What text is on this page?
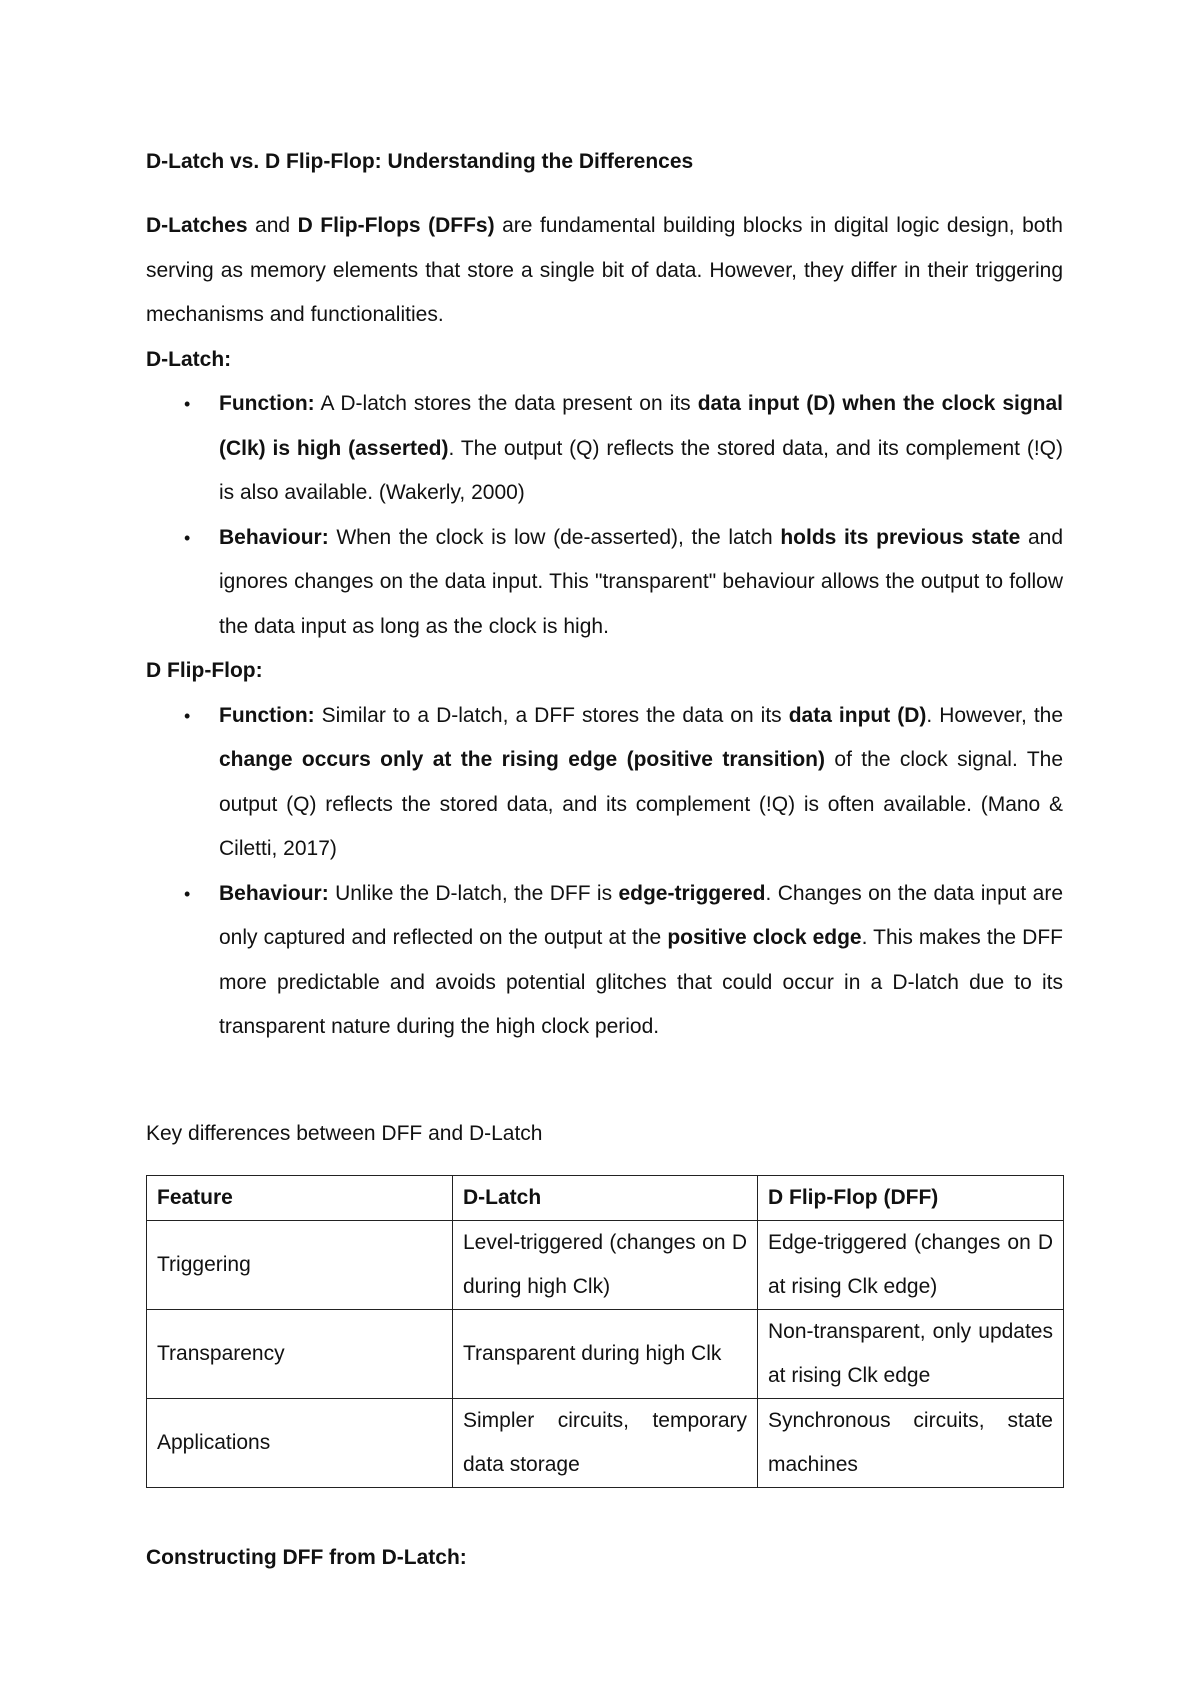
D-Latch vs. D Flip-Flop: Understanding the Differences

D-Latches and D Flip-Flops (DFFs) are fundamental building blocks in digital logic design, both serving as memory elements that store a single bit of data. However, they differ in their triggering mechanisms and functionalities.

D-Latch:

• Function: A D-latch stores the data present on its data input (D) when the clock signal (Clk) is high (asserted). The output (Q) reflects the stored data, and its complement (!Q) is also available. (Wakerly, 2000)
• Behaviour: When the clock is low (de-asserted), the latch holds its previous state and ignores changes on the data input. This "transparent" behaviour allows the output to follow the data input as long as the clock is high.

D Flip-Flop:

• Function: Similar to a D-latch, a DFF stores the data on its data input (D). However, the change occurs only at the rising edge (positive transition) of the clock signal. The output (Q) reflects the stored data, and its complement (!Q) is often available. (Mano & Ciletti, 2017)
• Behaviour: Unlike the D-latch, the DFF is edge-triggered. Changes on the data input are only captured and reflected on the output at the positive clock edge. This makes the DFF more predictable and avoids potential glitches that could occur in a D-latch due to its transparent nature during the high clock period.

Key differences between DFF and D-Latch

Feature	D-Latch	D Flip-Flop (DFF)
Triggering	Level-triggered (changes on D during high Clk)	Edge-triggered (changes on D at rising Clk edge)
Transparency	Transparent during high Clk	Non-transparent, only updates at rising Clk edge
Applications	Simpler circuits, temporary data storage	Synchronous circuits, state machines

Constructing DFF from D-Latch:
